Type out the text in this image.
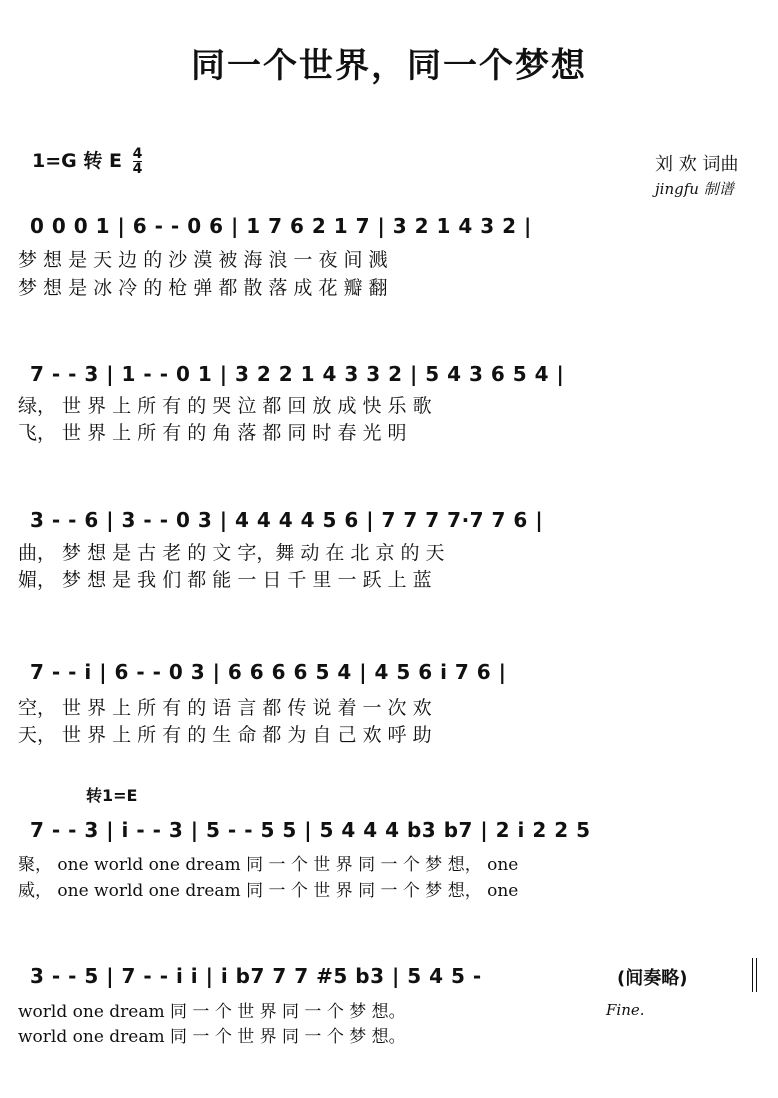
同一个世界，同一个梦想
1=G 转 E $\frac{4}{4}$	刘 欢 词曲
jingfu 制谱
0 0 0 1 | 6 - - 0 6 | 1 7 6 2 1 7 | 3 2 1 4 3 2 |
梦 想 是 天 边 的 沙 漠 被 海 浪 一 夜 间 溅
梦 想 是 冰 冷 的 枪 弹 都 散 落 成 花 瓣 翻
7 - - 3 | 1 - - 0 1 | 3 2 2 1 4 3 3 2 | 5 4 3 6 5 4 |
绿， 世 界 上 所 有 的 哭 泣 都 回 放 成 快 乐 歌
飞， 世 界 上 所 有 的 角 落 都 同 时 春 光 明
3 - - 6 | 3 - - 0 3 | 4 4 4 4 5 6 | 7 7 7 7·7 7 6 |
曲， 梦 想 是 古 老 的 文 字，舞 动 在 北 京 的 天
媚， 梦 想 是 我 们 都 能 一 日 千 里 一 跃 上 蓝
7 - - i | 6 - - 0 3 | 6 6 6 6 5 4 | 4 5 6 i 7 6 |
空， 世 界 上 所 有 的 语 言 都 传 说 着 一 次 欢
天， 世 界 上 所 有 的 生 命 都 为 自 己 欢 呼 助
转1=E
7 - - 3 | i - - 3 | 5 - - 5 5 | 5 4 4 4 b3 b7 | 2 i 2 2 5
聚， one world one dream 同 一 个 世 界 同 一 个 梦 想， one
威， one world one dream 同 一 个 世 界 同 一 个 梦 想， one
3 - - 5 | 7 - - i i | i b7 7 7 #5 b3 | 5 4 5 -	(间奏略)
world one dream 同 一 个 世 界 同 一 个 梦 想。	Fine.
world one dream 同 一 个 世 界 同 一 个 梦 想。
